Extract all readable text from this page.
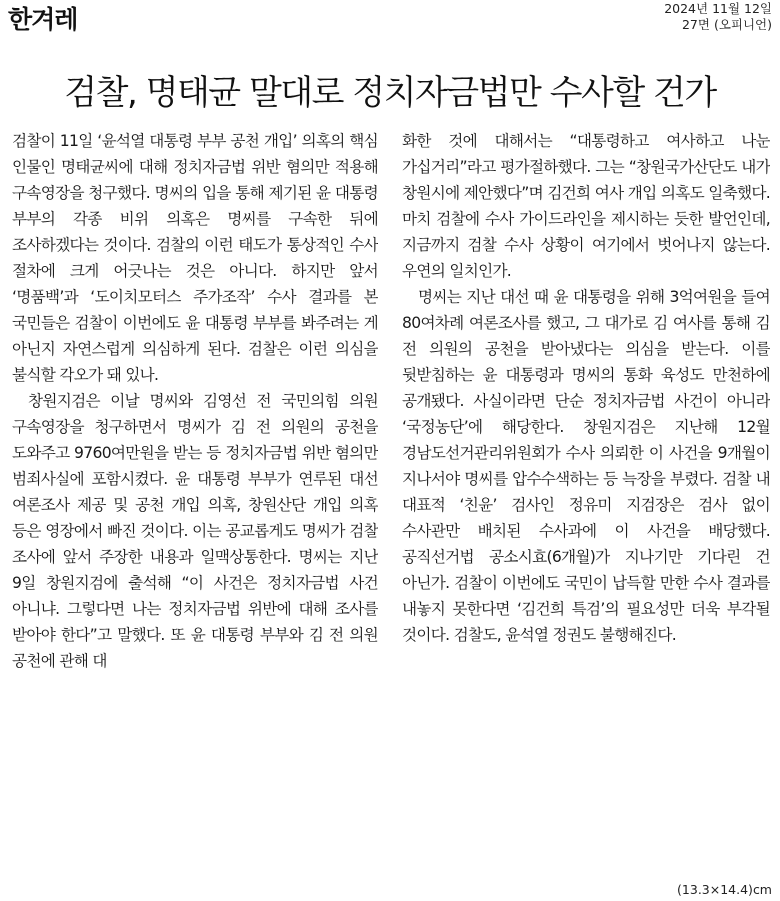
한겨레	2024년 11월 12일
27면 (오피니언)
검찰, 명태균 말대로 정치자금법만 수사할 건가

검찰이 11일 ‘윤석열 대통령 부부 공천 개입’ 의혹의 핵심 인물인 명태균씨에 대해 정치자금법 위반 혐의만 적용해 구속영장을 청구했다. 명씨의 입을 통해 제기된 윤 대통령 부부의 각종 비위 의혹은 명씨를 구속한 뒤에 조사하겠다는 것이다. 검찰의 이런 태도가 통상적인 수사 절차에 크게 어긋나는 것은 아니다. 하지만 앞서 ‘명품백’과 ‘도이치모터스 주가조작’ 수사 결과를 본 국민들은 검찰이 이번에도 윤 대통령 부부를 봐주려는 게 아닌지 자연스럽게 의심하게 된다. 검찰은 이런 의심을 불식할 각오가 돼 있나.

창원지검은 이날 명씨와 김영선 전 국민의힘 의원 구속영장을 청구하면서 명씨가 김 전 의원의 공천을 도와주고 9760여만원을 받는 등 정치자금법 위반 혐의만 범죄사실에 포함시켰다. 윤 대통령 부부가 연루된 대선 여론조사 제공 및 공천 개입 의혹, 창원산단 개입 의혹 등은 영장에서 빠진 것이다. 이는 공교롭게도 명씨가 검찰 조사에 앞서 주장한 내용과 일맥상통한다. 명씨는 지난 9일 창원지검에 출석해 “이 사건은 정치자금법 사건 아니냐. 그렇다면 나는 정치자금법 위반에 대해 조사를 받아야 한다”고 말했다. 또 윤 대통령 부부와 김 전 의원 공천에 관해 대

화한 것에 대해서는 “대통령하고 여사하고 나눈 가십거리”라고 평가절하했다. 그는 “창원국가산단도 내가 창원시에 제안했다”며 김건희 여사 개입 의혹도 일축했다. 마치 검찰에 수사 가이드라인을 제시하는 듯한 발언인데, 지금까지 검찰 수사 상황이 여기에서 벗어나지 않는다. 우연의 일치인가.

명씨는 지난 대선 때 윤 대통령을 위해 3억여원을 들여 80여차례 여론조사를 했고, 그 대가로 김 여사를 통해 김 전 의원의 공천을 받아냈다는 의심을 받는다. 이를 뒷받침하는 윤 대통령과 명씨의 통화 육성도 만천하에 공개됐다. 사실이라면 단순 정치자금법 사건이 아니라 ‘국정농단’에 해당한다. 창원지검은 지난해 12월 경남도선거관리위원회가 수사 의뢰한 이 사건을 9개월이 지나서야 명씨를 압수수색하는 등 늑장을 부렸다. 검찰 내 대표적 ‘친윤’ 검사인 정유미 지검장은 검사 없이 수사관만 배치된 수사과에 이 사건을 배당했다. 공직선거법 공소시효(6개월)가 지나기만 기다린 건 아닌가. 검찰이 이번에도 국민이 납득할 만한 수사 결과를 내놓지 못한다면 ‘김건희 특검’의 필요성만 더욱 부각될 것이다. 검찰도, 윤석열 정권도 불행해진다.

(13.3×14.4)cm
